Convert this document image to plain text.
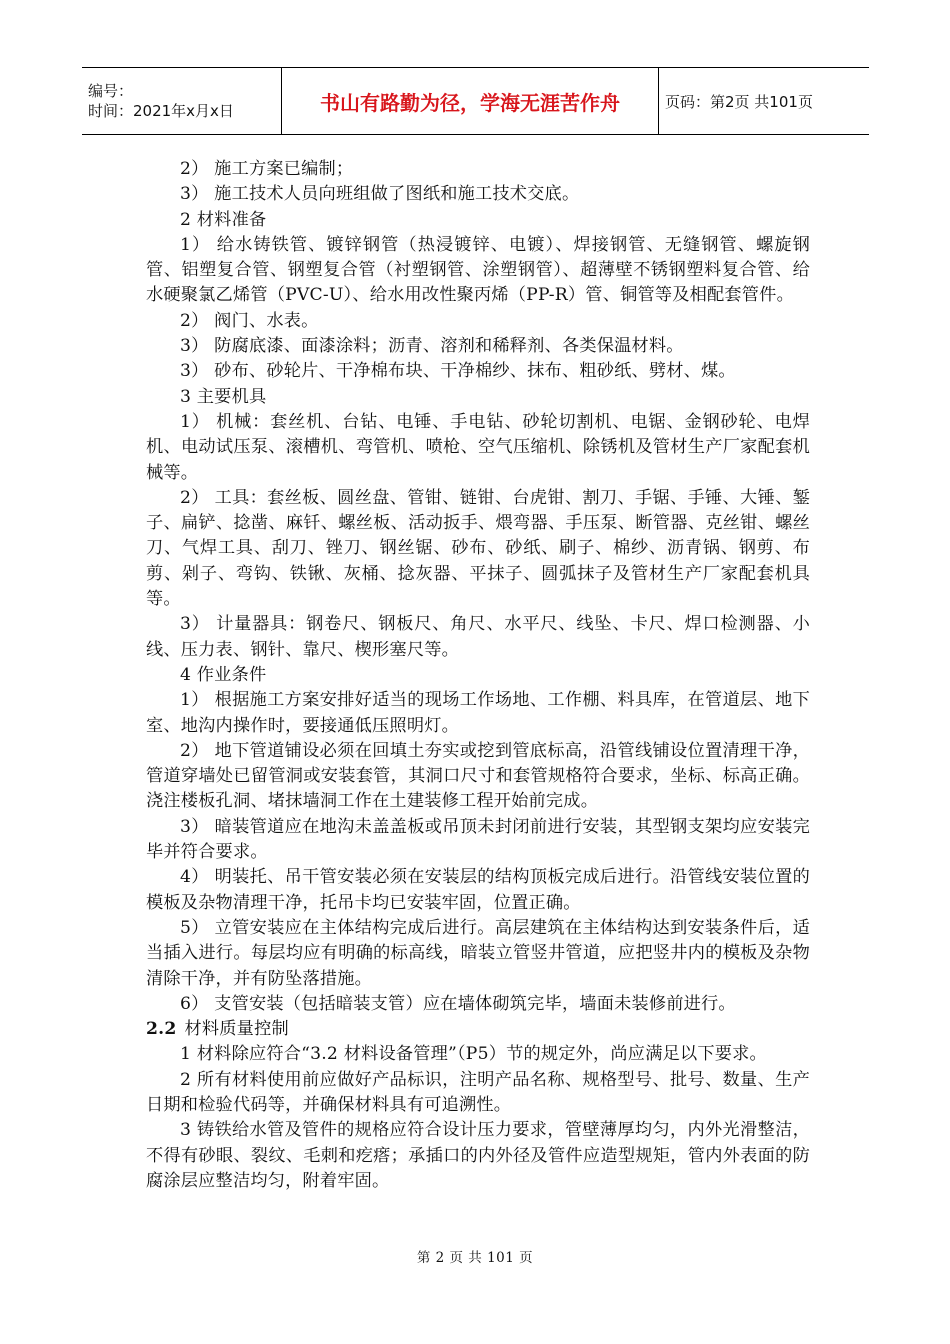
编号：
时间：2021年x月x日	书山有路勤为径，学海无涯苦作舟	页码：第2页 共101页

2） 施工方案已编制；

3） 施工技术人员向班组做了图纸和施工技术交底。

2 材料准备

1） 给水铸铁管、镀锌钢管（热浸镀锌、电镀）、焊接钢管、无缝钢管、螺旋钢管、铝塑复合管、钢塑复合管（衬塑钢管、涂塑钢管）、超薄壁不锈钢塑料复合管、给水硬聚氯乙烯管（PVC-U）、给水用改性聚丙烯（PP-R）管、铜管等及相配套管件。

2） 阀门、水表。

3） 防腐底漆、面漆涂料；沥青、溶剂和稀释剂、各类保温材料。

3） 砂布、砂轮片、干净棉布块、干净棉纱、抹布、粗砂纸、劈材、煤。

3 主要机具

1） 机械：套丝机、台钻、电锤、手电钻、砂轮切割机、电锯、金钢砂轮、电焊机、电动试压泵、滚槽机、弯管机、喷枪、空气压缩机、除锈机及管材生产厂家配套机械等。

2） 工具：套丝板、圆丝盘、管钳、链钳、台虎钳、割刀、手锯、手锤、大锤、錾子、扁铲、捻凿、麻钎、螺丝板、活动扳手、煨弯器、手压泵、断管器、克丝钳、螺丝刀、气焊工具、刮刀、锉刀、钢丝锯、砂布、砂纸、刷子、棉纱、沥青锅、钢剪、布剪、剁子、弯钩、铁锹、灰桶、捻灰器、平抹子、圆弧抹子及管材生产厂家配套机具等。

3） 计量器具：钢卷尺、钢板尺、角尺、水平尺、线坠、卡尺、焊口检测器、小线、压力表、钢针、靠尺、楔形塞尺等。

4 作业条件

1） 根据施工方案安排好适当的现场工作场地、工作棚、料具库，在管道层、地下室、地沟内操作时，要接通低压照明灯。

2） 地下管道铺设必须在回填土夯实或挖到管底标高，沿管线铺设位置清理干净，管道穿墙处已留管洞或安装套管，其洞口尺寸和套管规格符合要求，坐标、标高正确。浇注楼板孔洞、堵抹墙洞工作在土建装修工程开始前完成。

3） 暗装管道应在地沟未盖盖板或吊顶未封闭前进行安装，其型钢支架均应安装完毕并符合要求。

4） 明装托、吊干管安装必须在安装层的结构顶板完成后进行。沿管线安装位置的模板及杂物清理干净，托吊卡均已安装牢固，位置正确。

5） 立管安装应在主体结构完成后进行。高层建筑在主体结构达到安装条件后，适当插入进行。每层均应有明确的标高线，暗装立管竖井管道，应把竖井内的模板及杂物清除干净，并有防坠落措施。

6） 支管安装（包括暗装支管）应在墙体砌筑完毕，墙面未装修前进行。

2.2 材料质量控制

1 材料除应符合“3.2 材料设备管理”（P5）节的规定外，尚应满足以下要求。

2 所有材料使用前应做好产品标识，注明产品名称、规格型号、批号、数量、生产日期和检验代码等，并确保材料具有可追溯性。

3 铸铁给水管及管件的规格应符合设计压力要求，管壁薄厚均匀，内外光滑整洁，不得有砂眼、裂纹、毛刺和疙瘩；承插口的内外径及管件应造型规矩，管内外表面的防腐涂层应整洁均匀，附着牢固。

第 2 页 共 101 页
